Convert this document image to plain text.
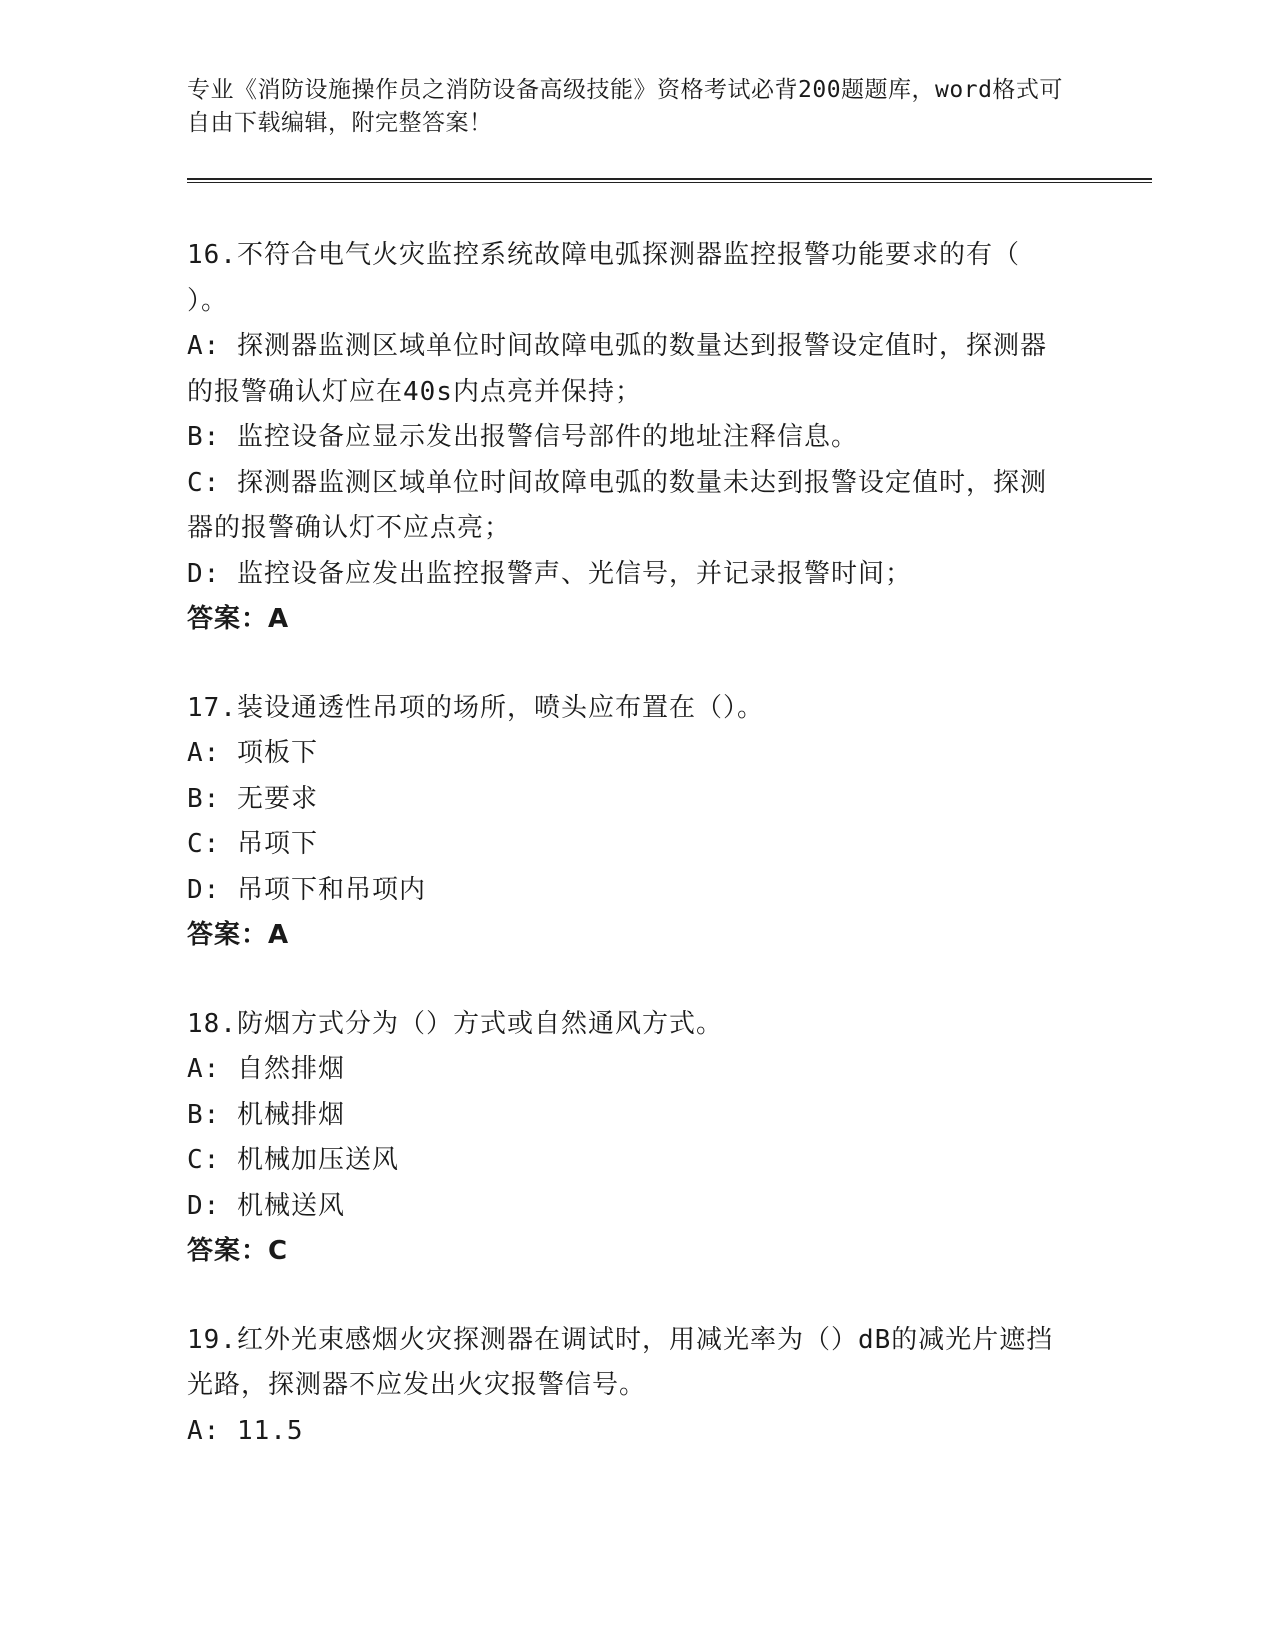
专业《消防设施操作员之消防设备高级技能》资格考试必背200题题库，word格式可自由下载编辑，附完整答案！
16.不符合电气火灾监控系统故障电弧探测器监控报警功能要求的有（ ）。
A: 探测器监测区域单位时间故障电弧的数量达到报警设定值时，探测器的报警确认灯应在40s内点亮并保持；
B: 监控设备应显示发出报警信号部件的地址注释信息。
C: 探测器监测区域单位时间故障电弧的数量未达到报警设定值时，探测器的报警确认灯不应点亮；
D: 监控设备应发出监控报警声、光信号，并记录报警时间；
答案：A
17.装设通透性吊项的场所，喷头应布置在（）。
A: 项板下
B: 无要求
C: 吊项下
D: 吊项下和吊项内
答案：A
18.防烟方式分为（）方式或自然通风方式。
A: 自然排烟
B: 机械排烟
C: 机械加压送风
D: 机械送风
答案：C
19.红外光束感烟火灾探测器在调试时，用减光率为（）dB的减光片遮挡光路，探测器不应发出火灾报警信号。
A: 11.5
